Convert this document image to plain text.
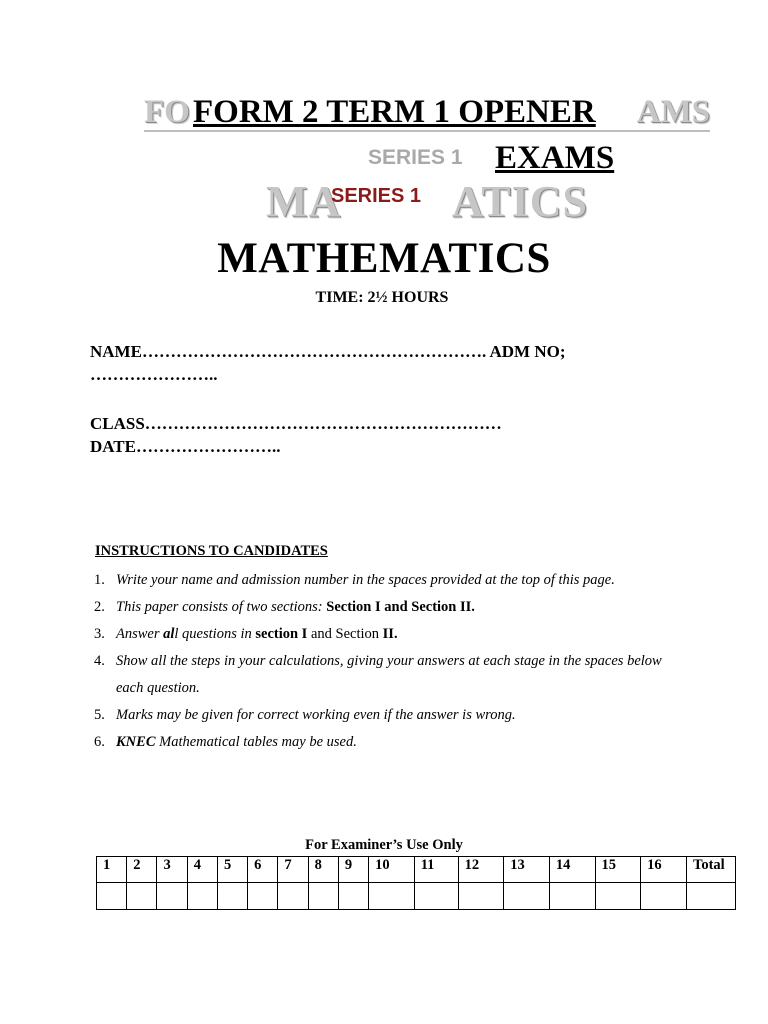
FO	AMS
SERIES 1
MA	ATICS
FORM 2 TERM 1 OPENER
EXAMS
SERIES 1
MATHEMATICS
TIME: 2½ HOURS
NAME……………………………………………………. ADM NO;
…………………..
CLASS………………………………………………………
DATE……………………..
INSTRUCTIONS TO CANDIDATES
1. Write your name and admission number in the spaces provided at the top of this page.
2. This paper consists of two sections: Section I and Section II.
3. Answer all questions in section I and Section II.
4. Show all the steps in your calculations, giving your answers at each stage in the spaces below each question.
5. Marks may be given for correct working even if the answer is wrong.
6. KNEC Mathematical tables may be used.
For Examiner’s Use Only
1	2	3	4	5	6	7	8	9	10	11	12	13	14	15	16	Total
